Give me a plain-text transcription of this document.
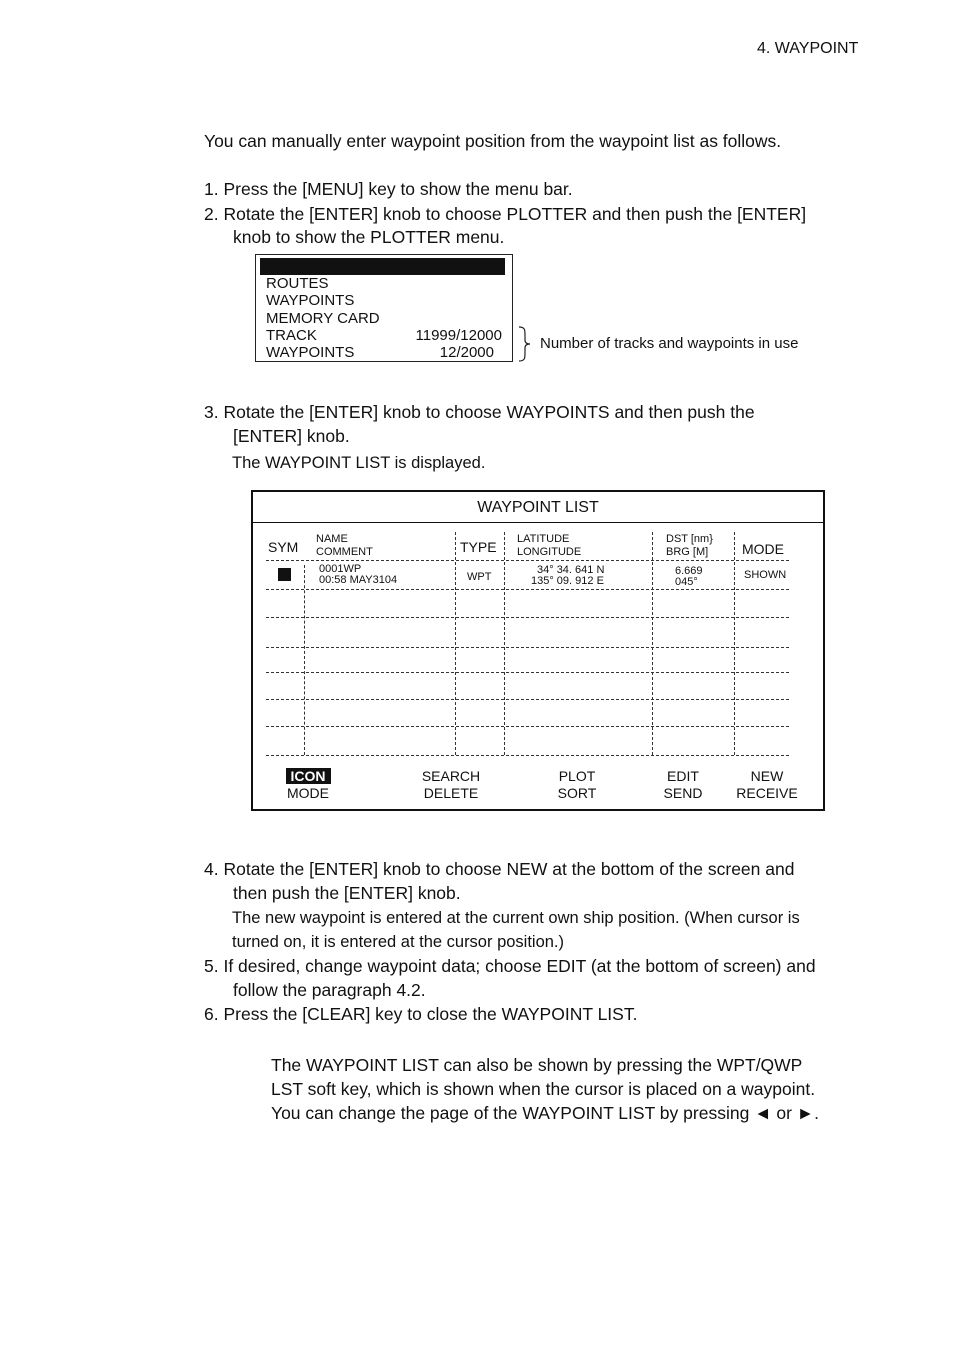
4. WAYPOINT
You can manually enter waypoint position from the waypoint list as follows.
1. Press the [MENU] key to show the menu bar.
2. Rotate the [ENTER] knob to choose PLOTTER and then push the [ENTER]
knob to show the PLOTTER menu.
ROUTES
WAYPOINTS
MEMORY CARD
TRACK
WAYPOINTS
11999/12000
12/2000
Number of tracks and waypoints in use
3. Rotate the [ENTER] knob to choose WAYPOINTS and then push the
[ENTER] knob.
The WAYPOINT LIST is displayed.
WAYPOINT LIST
SYM NAME
COMMENT	TYPE LATITUDE
LONGITUDE
DST [nm}
BRG [M] MODE
0001WP
00:58 MAY3104	WPT
34° 34. 641 N
135° 09. 912 E
6.669
045°
SHOWN
ICON
MODE
SEARCH
DELETE
PLOT
SORT
EDIT
SEND
NEW
RECEIVE
4. Rotate the [ENTER] knob to choose NEW at the bottom of the screen and
then push the [ENTER] knob.
The new waypoint is entered at the current own ship position. (When cursor is
turned on, it is entered at the cursor position.)
5. If desired, change waypoint data; choose EDIT (at the bottom of screen) and
follow the paragraph 4.2.
6. Press the [CLEAR] key to close the WAYPOINT LIST.
The WAYPOINT LIST can also be shown by pressing the WPT/QWP
LST soft key, which is shown when the cursor is placed on a waypoint.
You can change the page of the WAYPOINT LIST by pressing ◄ or ►.
